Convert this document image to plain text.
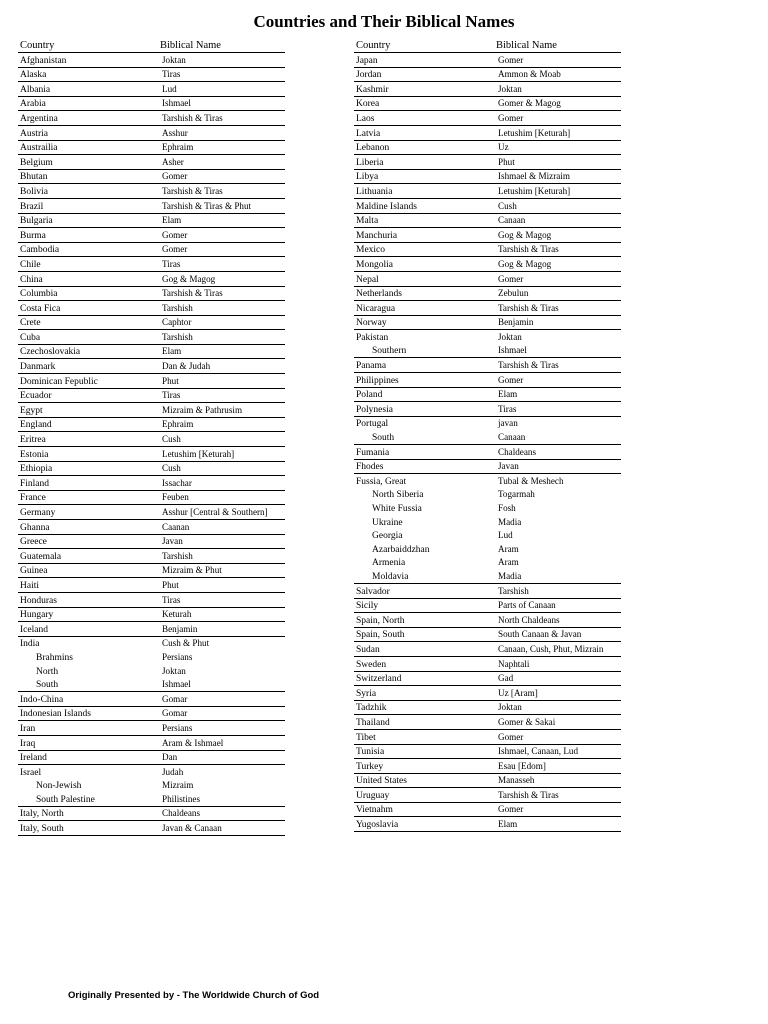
Countries and Their Biblical Names
Country	Biblical Name
Afghanistan	Joktan
Alaska	Tiras
Albania	Lud
Arabia	Ishmael
Argentina	Tarshish & Tiras
Austria	Asshur
Austrailia	Ephraim
Belgium	Asher
Bhutan	Gomer
Bolivia	Tarshish & Tiras
Brazil	Tarshish & Tiras & Phut
Bulgaria	Elam
Burma	Gomer
Cambodia	Gomer
Chile	Tiras
China	Gog & Magog
Columbia	Tarshish & Tiras
Costa Fica	Tarshish
Crete	Caphtor
Cuba	Tarshish
Czechoslovakia	Elam
Danmark	Dan & Judah
Dominican Fepublic	Phut
Ecuador	Tiras
Egypt	Mizraim & Pathrusim
England	Ephraim
Eritrea	Cush
Estonia	Letushim [Keturah]
Ethiopia	Cush
Finland	Issachar
France	Feuben
Germany	Asshur [Central & Southern]
Ghanna	Caanan
Greece	Javan
Guatemala	Tarshish
Guinea	Mizraim & Phut
Haiti	Phut
Honduras	Tiras
Hungary	Keturah
Iceland	Benjamin
India	Cush & Phut
Brahmins	Persians
North	Joktan
South	Ishmael
Indo-China	Gomar
Indonesian Islands	Gomar
Iran	Persians
Iraq	Aram & Ishmael
Ireland	Dan
Israel	Judah
Non-Jewish	Mizraim
South Palestine	Philistines
Italy, North	Chaldeans
Italy, South	Javan & Canaan
Country	Biblical Name
Japan	Gomer
Jordan	Ammon & Moab
Kashmir	Joktan
Korea	Gomer & Magog
Laos	Gomer
Latvia	Letushim [Keturah]
Lebanon	Uz
Liberia	Phut
Libya	Ishmael & Mizraim
Lithuania	Letushim [Keturah]
Maldine Islands	Cush
Malta	Canaan
Manchuria	Gog & Magog
Mexico	Tarshish & Tiras
Mongolia	Gog & Magog
Nepal	Gomer
Netherlands	Zebulun
Nicaragua	Tarshish & Tiras
Norway	Benjamin
Pakistan	Joktan
Southern	Ishmael
Panama	Tarshish & Tiras
Philippines	Gomer
Poland	Elam
Polynesia	Tiras
Portugal	javan
South	Canaan
Fumania	Chaldeans
Fhodes	Javan
Fussia, Great	Tubal & Meshech
North Siberia	Togarmah
White Fussia	Fosh
Ukraine	Madia
Georgia	Lud
Azarbaiddzhan	Aram
Armenia	Aram
Moldavia	Madia
Salvador	Tarshish
Sicily	Parts of Canaan
Spain, North	North Chaldeans
Spain, South	South Canaan & Javan
Sudan	Canaan, Cush, Phut, Mizrain
Sweden	Naphtali
Switzerland	Gad
Syria	Uz [Aram]
Tadzhik	Joktan
Thailand	Gomer & Sakai
Tibet	Gomer
Tunisia	Ishmael, Canaan, Lud
Turkey	Esau [Edom]
United States	Manasseh
Uruguay	Tarshish & Tiras
Vietnahm	Gomer
Yugoslavia	Elam
Originally Presented by - The Worldwide Church of God
